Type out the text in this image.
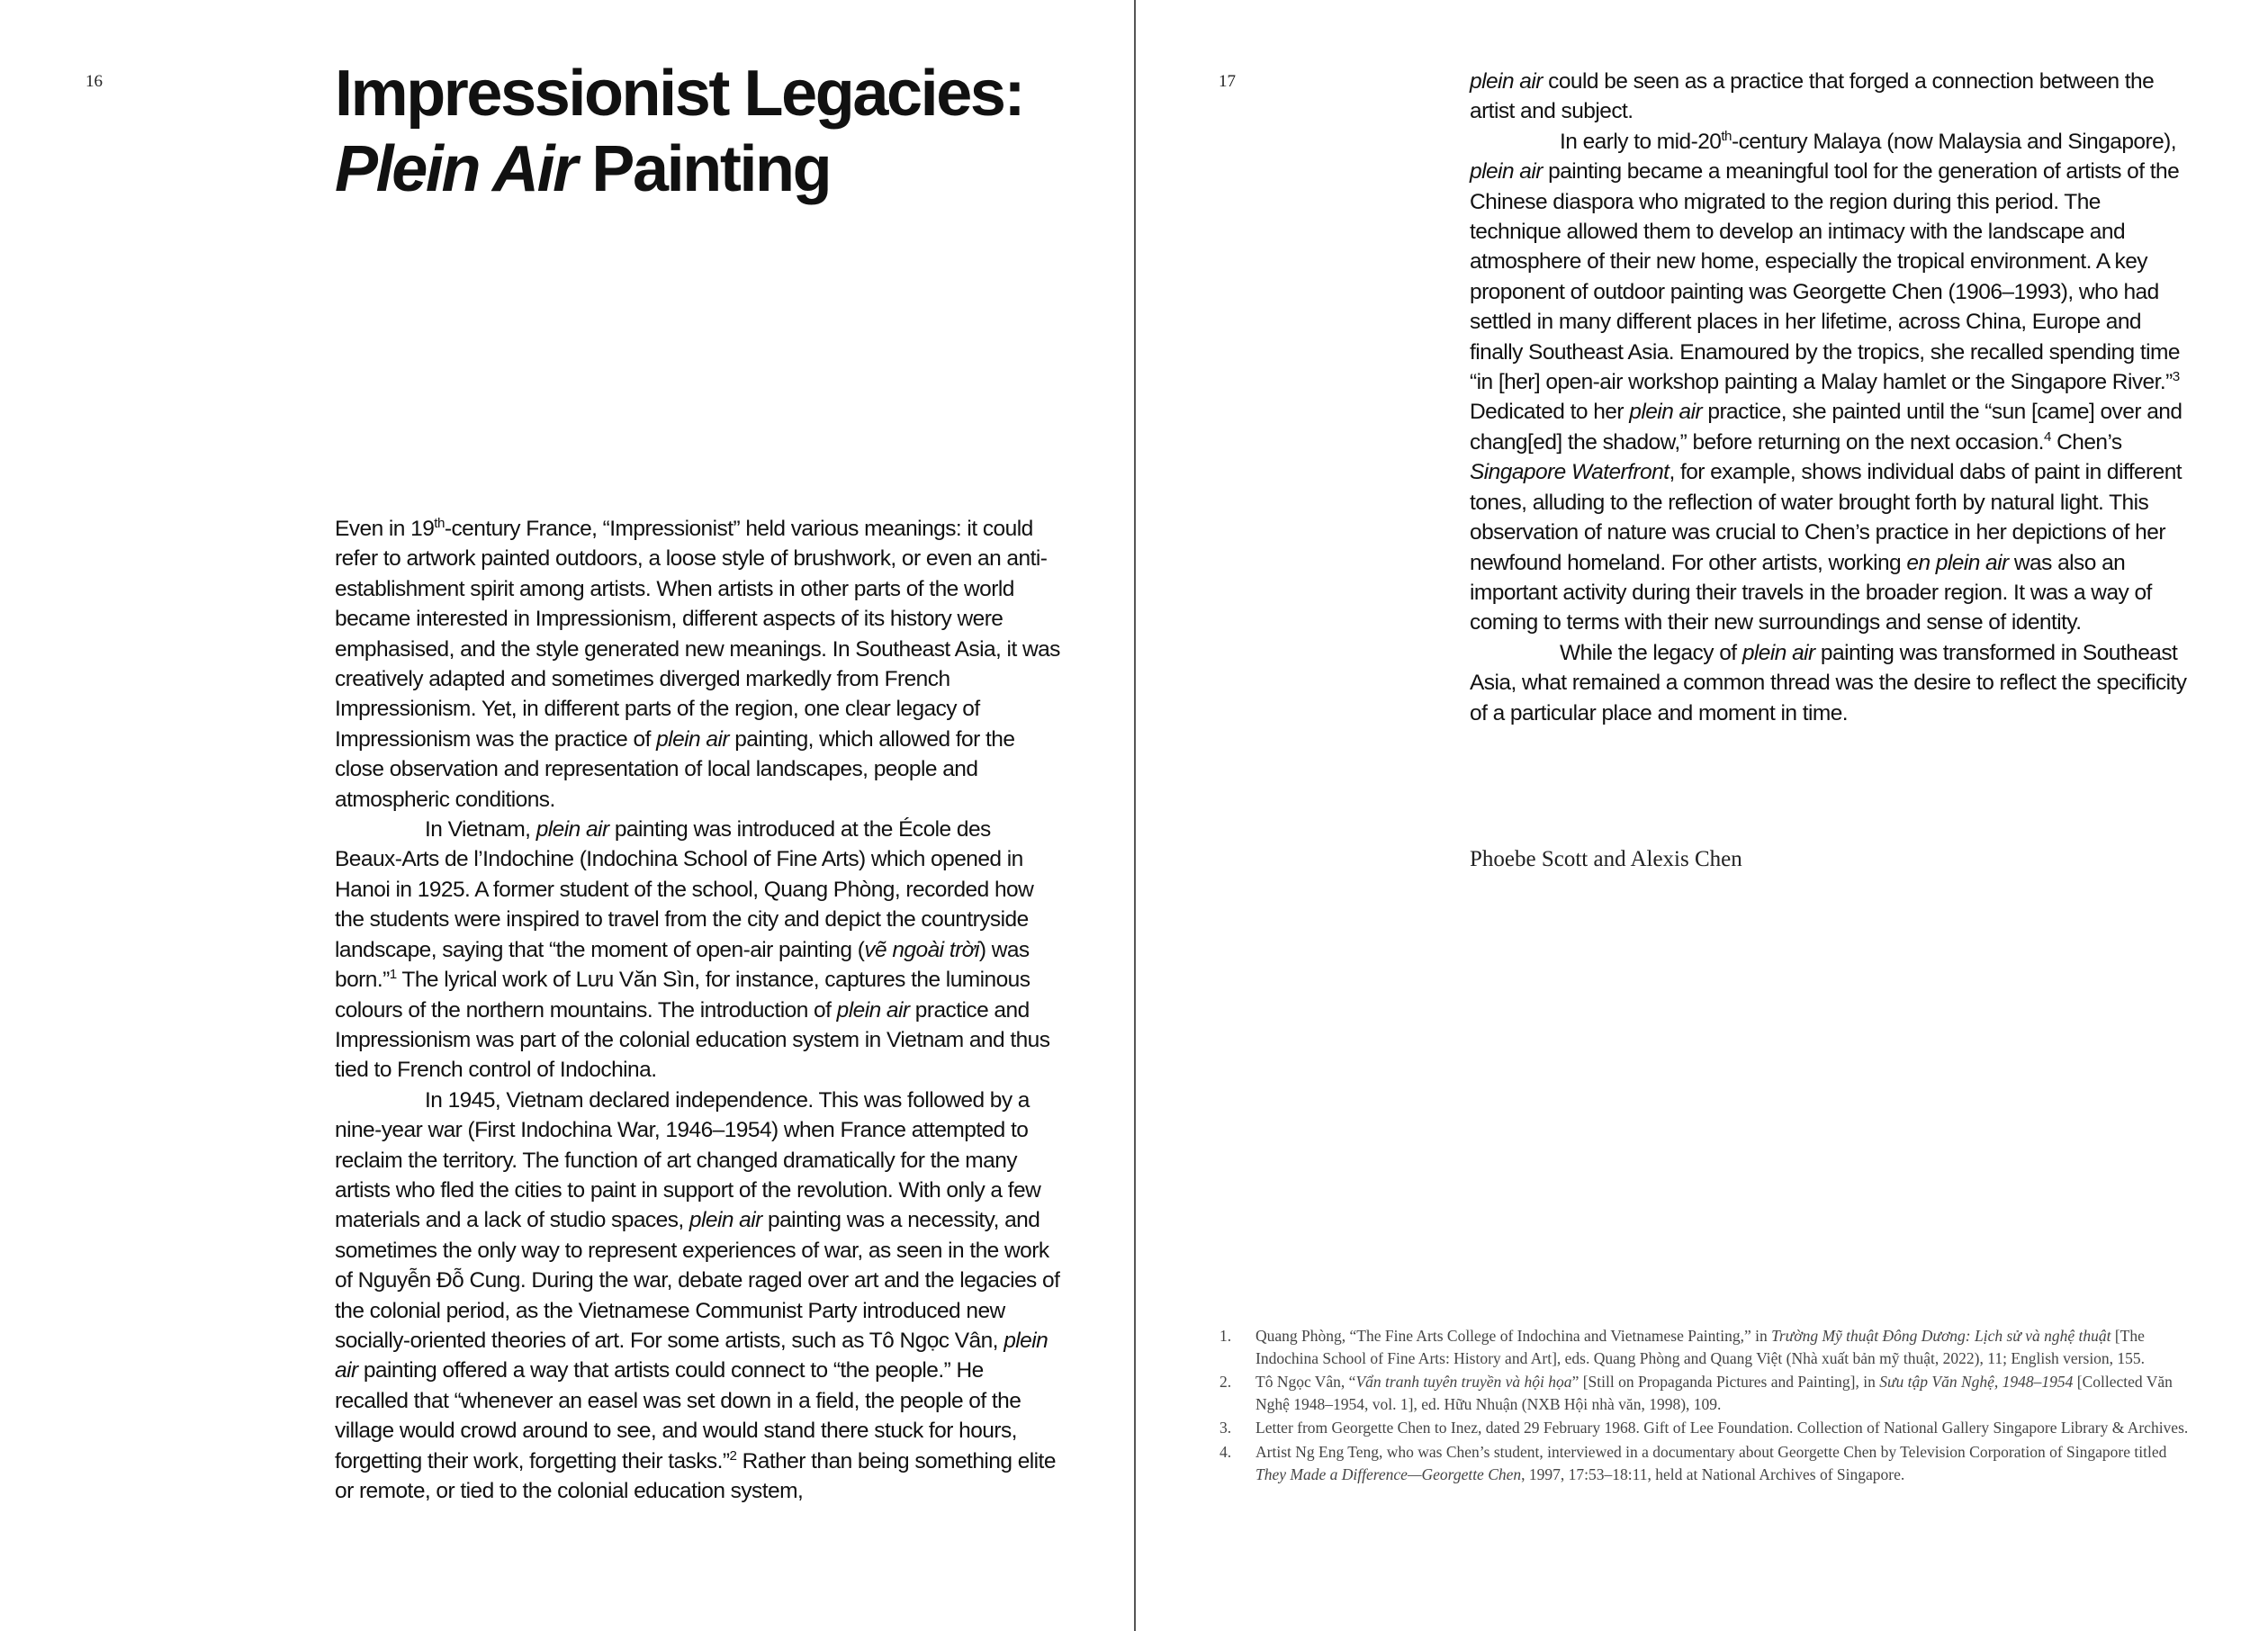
16	Impressionist Legacies:
Plein Air Painting

Even in 19th-century France, “Impressionist” held various meanings: it could refer to artwork painted outdoors, a loose style of brushwork, or even an anti-establishment spirit among artists. When artists in other parts of the world became interested in Impressionism, different aspects of its history were emphasised, and the style generated new meanings. In Southeast Asia, it was creatively adapted and sometimes diverged markedly from French Impressionism. Yet, in different parts of the region, one clear legacy of Impressionism was the practice of plein air painting, which allowed for the close observation and representation of local landscapes, people and atmospheric conditions.

In Vietnam, plein air painting was introduced at the École des Beaux-Arts de l’Indochine (Indochina School of Fine Arts) which opened in Hanoi in 1925. A former student of the school, Quang Phòng, recorded how the students were inspired to travel from the city and depict the countryside landscape, saying that “the moment of open-air painting (vẽ ngoài trời) was born.”$^1$ The lyrical work of Lưu Văn Sìn, for instance, captures the luminous colours of the northern mountains. The introduction of plein air practice and Impressionism was part of the colonial education system in Vietnam and thus tied to French control of Indochina.

In 1945, Vietnam declared independence. This was followed by a nine-year war (First Indochina War, 1946–1954) when France attempted to reclaim the territory. The function of art changed dramatically for the many artists who fled the cities to paint in support of the revolution. With only a few materials and a lack of studio spaces, plein air painting was a necessity, and sometimes the only way to represent experiences of war, as seen in the work of Nguyễn Đỗ Cung. During the war, debate raged over art and the legacies of the colonial period, as the Vietnamese Communist Party introduced new socially-oriented theories of art. For some artists, such as Tô Ngọc Vân, plein air painting offered a way that artists could connect to “the people.” He recalled that “whenever an easel was set down in a field, the people of the village would crowd around to see, and would stand there stuck for hours, forgetting their work, forgetting their tasks.”$^2$ Rather than being something elite or remote, or tied to the colonial education system,

17	plein air could be seen as a practice that forged a connection between the artist and subject.

In early to mid-20th-century Malaya (now Malaysia and Singapore), plein air painting became a meaningful tool for the generation of artists of the Chinese diaspora who migrated to the region during this period. The technique allowed them to develop an intimacy with the landscape and atmosphere of their new home, especially the tropical environment. A key proponent of outdoor painting was Georgette Chen (1906–1993), who had settled in many different places in her lifetime, across China, Europe and finally Southeast Asia. Enamoured by the tropics, she recalled spending time “in [her] open-air workshop painting a Malay hamlet or the Singapore River.”$^3$ Dedicated to her plein air practice, she painted until the “sun [came] over and chang[ed] the shadow,” before returning on the next occasion.$^4$ Chen’s Singapore Waterfront, for example, shows individual dabs of paint in different tones, alluding to the reflection of water brought forth by natural light. This observation of nature was crucial to Chen’s practice in her depictions of her newfound homeland. For other artists, working en plein air was also an important activity during their travels in the broader region. It was a way of coming to terms with their new surroundings and sense of identity.

While the legacy of plein air painting was transformed in Southeast Asia, what remained a common thread was the desire to reflect the specificity of a particular place and moment in time.

Phoebe Scott and Alexis Chen
1. Quang Phòng, “The Fine Arts College of Indochina and Vietnamese Painting,” in Trường Mỹ thuật Đông Dương: Lịch sử và nghệ thuật [The Indochina School of Fine Arts: History and Art], eds. Quang Phòng and Quang Việt (Nhà xuất bản mỹ thuật, 2022), 11; English version, 155.
2. Tô Ngọc Vân, “Vẩn tranh tuyên truyền và hội họa” [Still on Propaganda Pictures and Painting], in Sưu tập Văn Nghệ, 1948–1954 [Collected Văn Nghệ 1948–1954, vol. 1], ed. Hữu Nhuận (NXB Hội nhà văn, 1998), 109.
3. Letter from Georgette Chen to Inez, dated 29 February 1968. Gift of Lee Foundation. Collection of National Gallery Singapore Library & Archives.
4. Artist Ng Eng Teng, who was Chen’s student, interviewed in a documentary about Georgette Chen by Television Corporation of Singapore titled They Made a Difference—Georgette Chen, 1997, 17:53–18:11, held at National Archives of Singapore.
